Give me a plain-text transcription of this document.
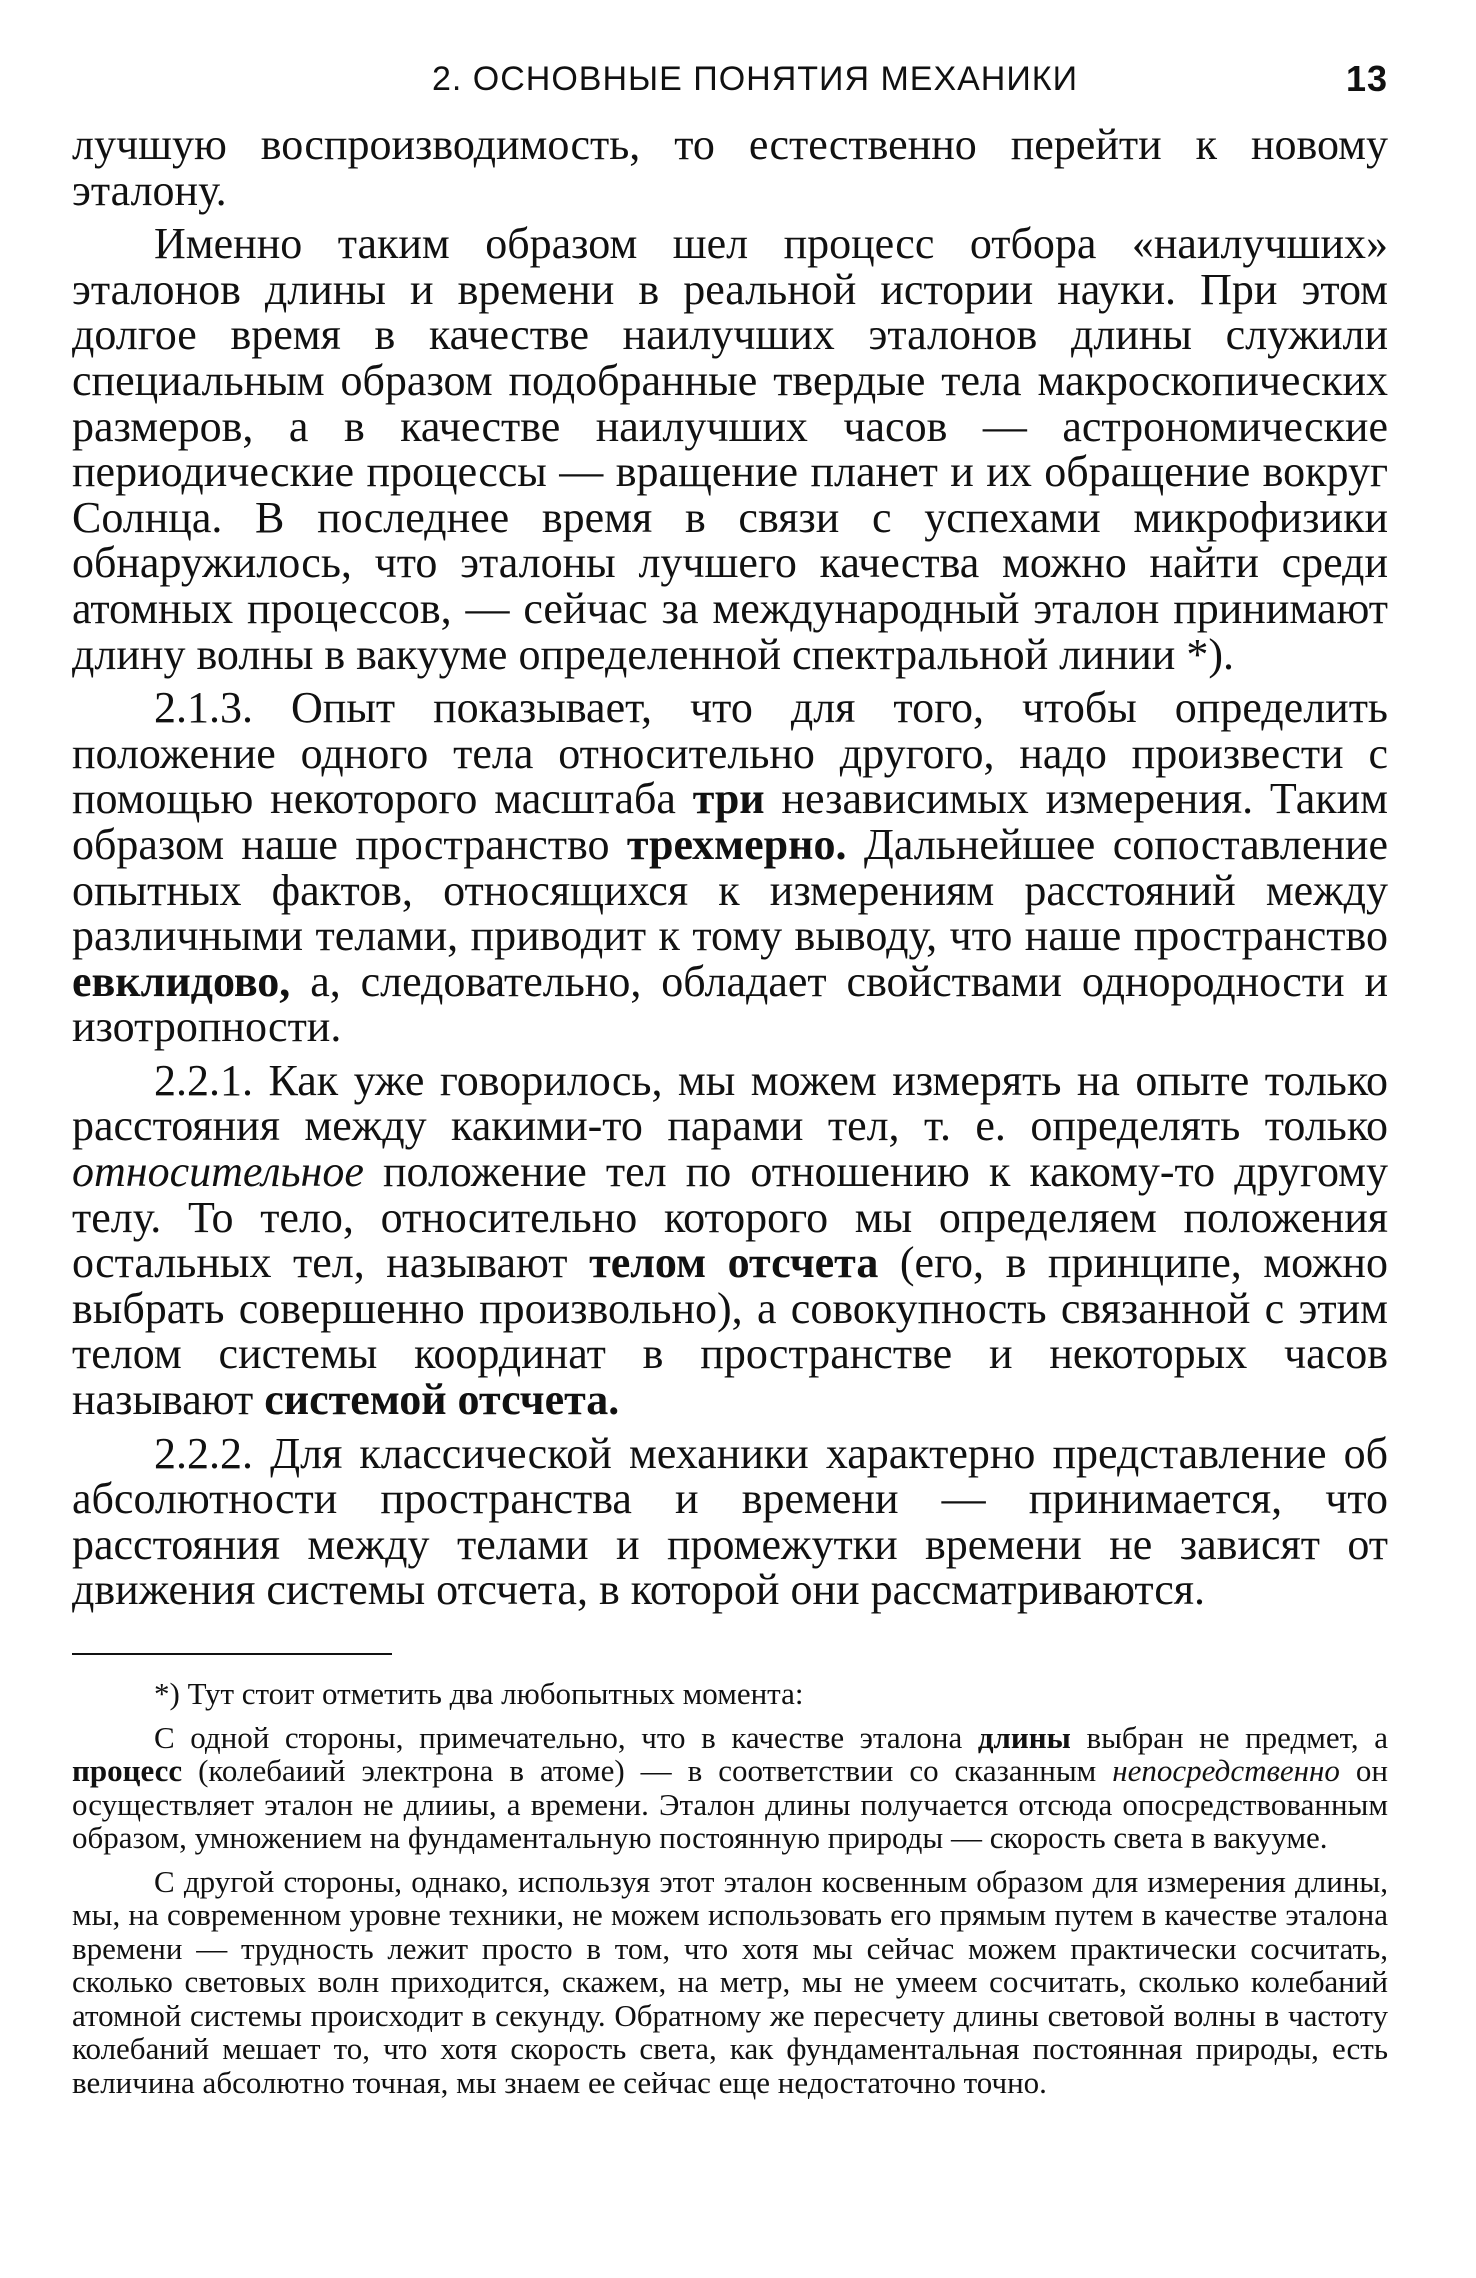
2. ОСНОВНЫЕ ПОНЯТИЯ МЕХАНИКИ	13

лучшую воспроизводимость, то естественно перейти к новому эталону.

Именно таким образом шел процесс отбора «наилучших» эталонов длины и времени в реальной истории науки. При этом долгое время в качестве наилучших эталонов длины служили специальным образом подобранные твердые тела макроскопических размеров, а в качестве наилучших часов — астрономические периодические процессы — вращение планет и их обращение вокруг Солнца. В последнее время в связи с успехами микрофизики обнаружилось, что эталоны лучшего качества можно найти среди атомных процессов, — сейчас за международный эталон принимают длину волны в вакууме определенной спектральной линии *).

2.1.3. Опыт показывает, что для того, чтобы определить положение одного тела относительно другого, надо произвести с помощью некоторого масштаба три независимых измерения. Таким образом наше пространство трехмерно. Дальнейшее сопоставление опытных фактов, относящихся к измерениям расстояний между различными телами, приводит к тому выводу, что наше пространство евклидово, а, следовательно, обладает свойствами однородности и изотропности.

2.2.1. Как уже говорилось, мы можем измерять на опыте только расстояния между какими-то парами тел, т. е. определять только относительное положение тел по отношению к какому-то другому телу. То тело, относительно которого мы определяем положения остальных тел, называют телом отсчета (его, в принципе, можно выбрать совершенно произвольно), а совокупность связанной с этим телом системы координат в пространстве и некоторых часов называют системой отсчета.

2.2.2. Для классической механики характерно представление об абсолютности пространства и времени — принимается, что расстояния между телами и промежутки времени не зависят от движения системы отсчета, в которой они рассматриваются.

*) Тут стоит отметить два любопытных момента:

С одной стороны, примечательно, что в качестве эталона длины выбран не предмет, а процесс (колебаиий электрона в атоме) — в соответствии со сказанным непосредственно он осуществляет эталон не длииы, а времени. Эталон длины получается отсюда опосредствованным образом, умножением на фундаментальную постоянную природы — скорость света в вакууме.

С другой стороны, однако, используя этот эталон косвенным образом для измерения длины, мы, на современном уровне техники, не можем использовать его прямым путем в качестве эталона времени — трудность лежит просто в том, что хотя мы сейчас можем практически сосчитать, сколько световых волн приходится, скажем, на метр, мы не умеем сосчитать, сколько колебаний атомной системы происходит в секунду. Обратному же пересчету длины световой волны в частоту колебаний мешает то, что хотя скорость света, как фундаментальная постоянная природы, есть величина абсолютно точная, мы знаем ее сейчас еще недостаточно точно.
